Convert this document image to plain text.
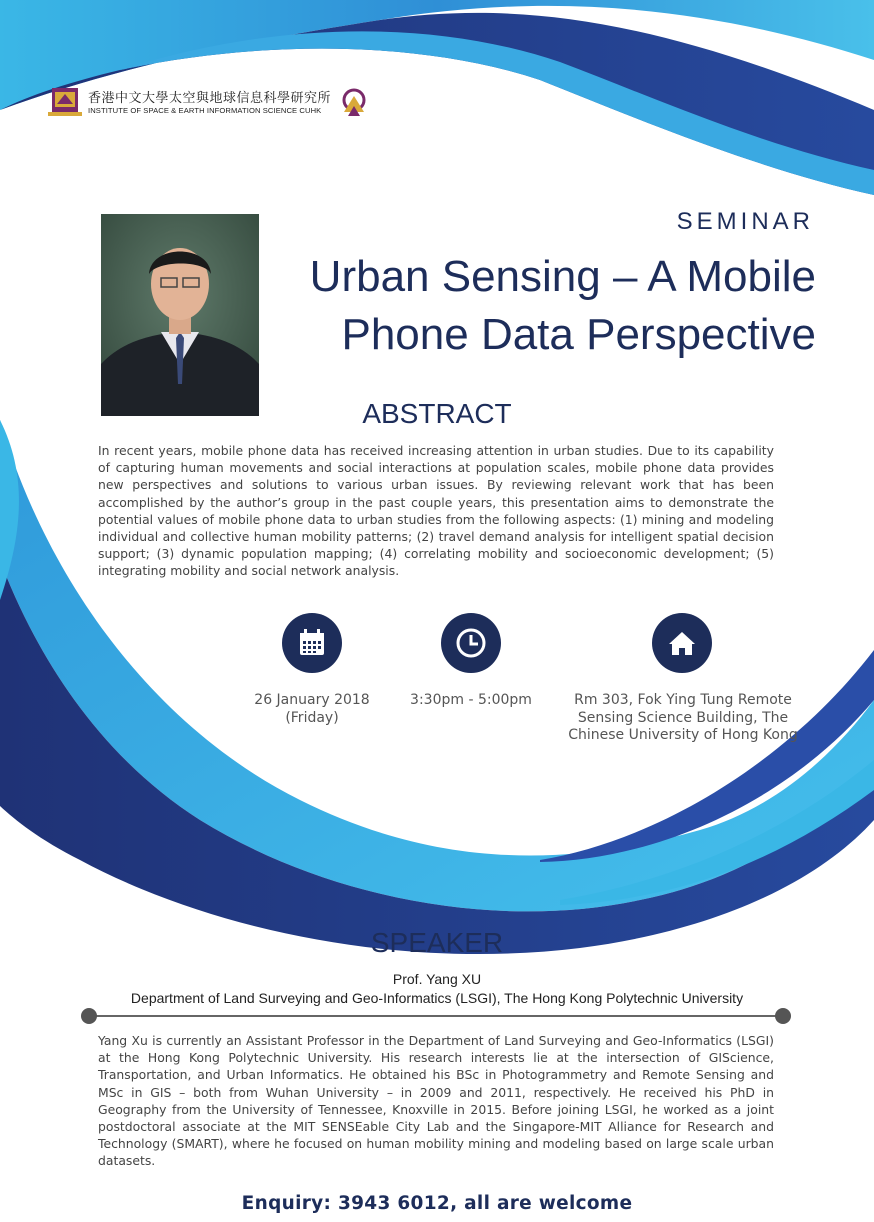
香港中文大學太空與地球信息科學研究所
INSTITUTE OF SPACE & EARTH INFORMATION SCIENCE CUHK
SEMINAR
Urban Sensing – A Mobile
Phone Data Perspective
ABSTRACT
In recent years, mobile phone data has received increasing attention in urban studies. Due to its capability of capturing human movements and social interactions at population scales, mobile phone data provides new perspectives and solutions to various urban issues. By reviewing relevant work that has been accomplished by the author’s group in the past couple years, this presentation aims to demonstrate the potential values of mobile phone data to urban studies from the following aspects: (1) mining and modeling individual and collective human mobility patterns; (2) travel demand analysis for intelligent spatial decision support; (3) dynamic population mapping; (4) correlating mobility and socioeconomic development; (5) integrating mobility and social network analysis.
26 January 2018
(Friday)
3:30pm - 5:00pm	Rm 303, Fok Ying Tung Remote
Sensing Science Building, The
Chinese University of Hong Kong
SPEAKER
Prof. Yang XU
Department of Land Surveying and Geo-Informatics (LSGI), The Hong Kong Polytechnic University
Yang Xu is currently an Assistant Professor in the Department of Land Surveying and Geo-Informatics (LSGI) at the Hong Kong Polytechnic University. His research interests lie at the intersection of GIScience, Transportation, and Urban Informatics. He obtained his BSc in Photogrammetry and Remote Sensing and MSc in GIS – both from Wuhan University – in 2009 and 2011, respectively. He received his PhD in Geography from the University of Tennessee, Knoxville in 2015. Before joining LSGI, he worked as a joint postdoctoral associate at the MIT SENSEable City Lab and the Singapore-MIT Alliance for Research and Technology (SMART), where he focused on human mobility mining and modeling based on large scale urban datasets.
Enquiry: 3943 6012, all are welcome
